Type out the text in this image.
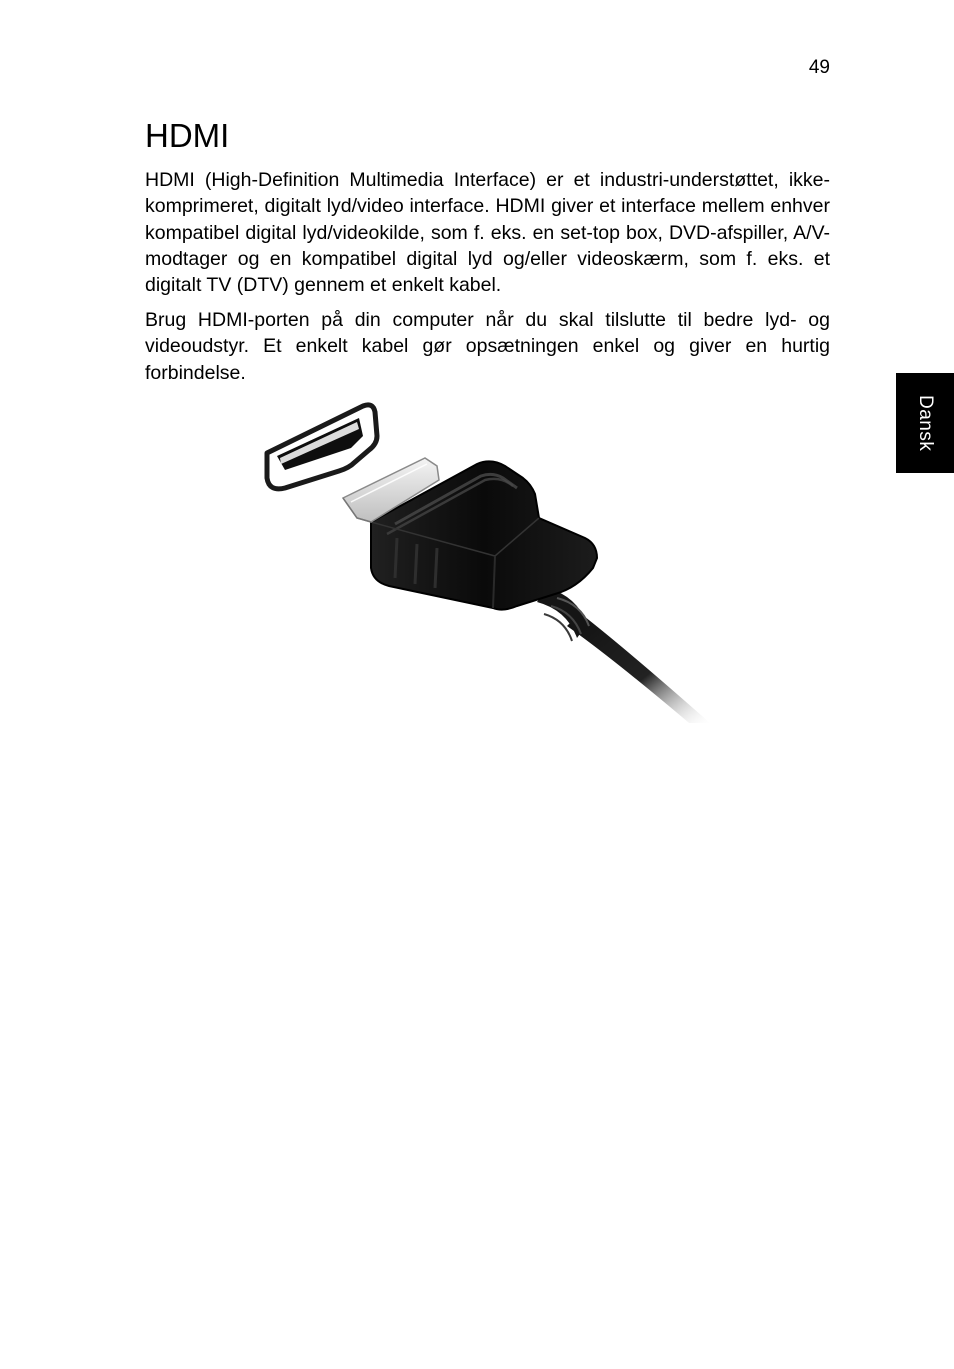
49
HDMI

HDMI (High-Definition Multimedia Interface) er et industri-understøttet, ikke-komprimeret, digitalt lyd/video interface. HDMI giver et interface mellem enhver kompatibel digital lyd/videokilde, som f. eks. en set-top box, DVD-afspiller, A/V-modtager og en kompatibel digital lyd og/eller videoskærm, som f. eks. et digitalt TV (DTV) gennem et enkelt kabel.

Brug HDMI-porten på din computer når du skal tilslutte til bedre lyd- og videoudstyr. Et enkelt kabel gør opsætningen enkel og giver en hurtig forbindelse.

Dansk
